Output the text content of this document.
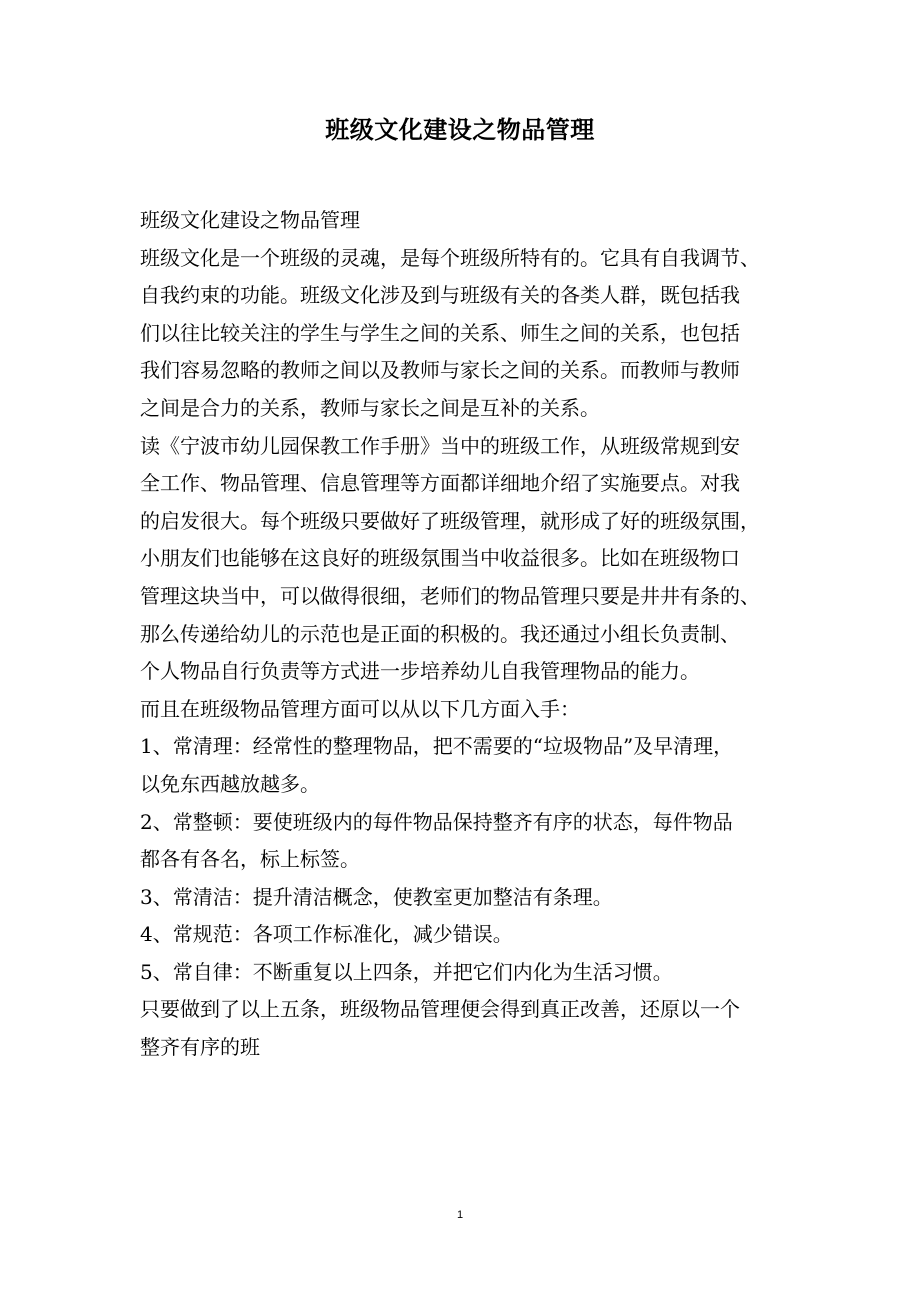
班级文化建设之物品管理
班级文化建设之物品管理
班级文化是一个班级的灵魂，是每个班级所特有的。它具有自我调节、
自我约束的功能。班级文化涉及到与班级有关的各类人群，既包括我
们以往比较关注的学生与学生之间的关系、师生之间的关系，也包括
我们容易忽略的教师之间以及教师与家长之间的关系。而教师与教师
之间是合力的关系，教师与家长之间是互补的关系。
读《宁波市幼儿园保教工作手册》当中的班级工作，从班级常规到安
全工作、物品管理、信息管理等方面都详细地介绍了实施要点。对我
的启发很大。每个班级只要做好了班级管理，就形成了好的班级氛围，
小朋友们也能够在这良好的班级氛围当中收益很多。比如在班级物口
管理这块当中，可以做得很细，老师们的物品管理只要是井井有条的、
那么传递给幼儿的示范也是正面的积极的。我还通过小组长负责制、
个人物品自行负责等方式进一步培养幼儿自我管理物品的能力。
而且在班级物品管理方面可以从以下几方面入手：
1、常清理：经常性的整理物品，把不需要的“垃圾物品”及早清理，
以免东西越放越多。
2、常整顿：要使班级内的每件物品保持整齐有序的状态，每件物品
都各有各名，标上标签。
3、常清洁：提升清洁概念，使教室更加整洁有条理。
4、常规范：各项工作标准化，减少错误。
5、常自律：不断重复以上四条，并把它们内化为生活习惯。
只要做到了以上五条，班级物品管理便会得到真正改善，还原以一个
整齐有序的班
1
